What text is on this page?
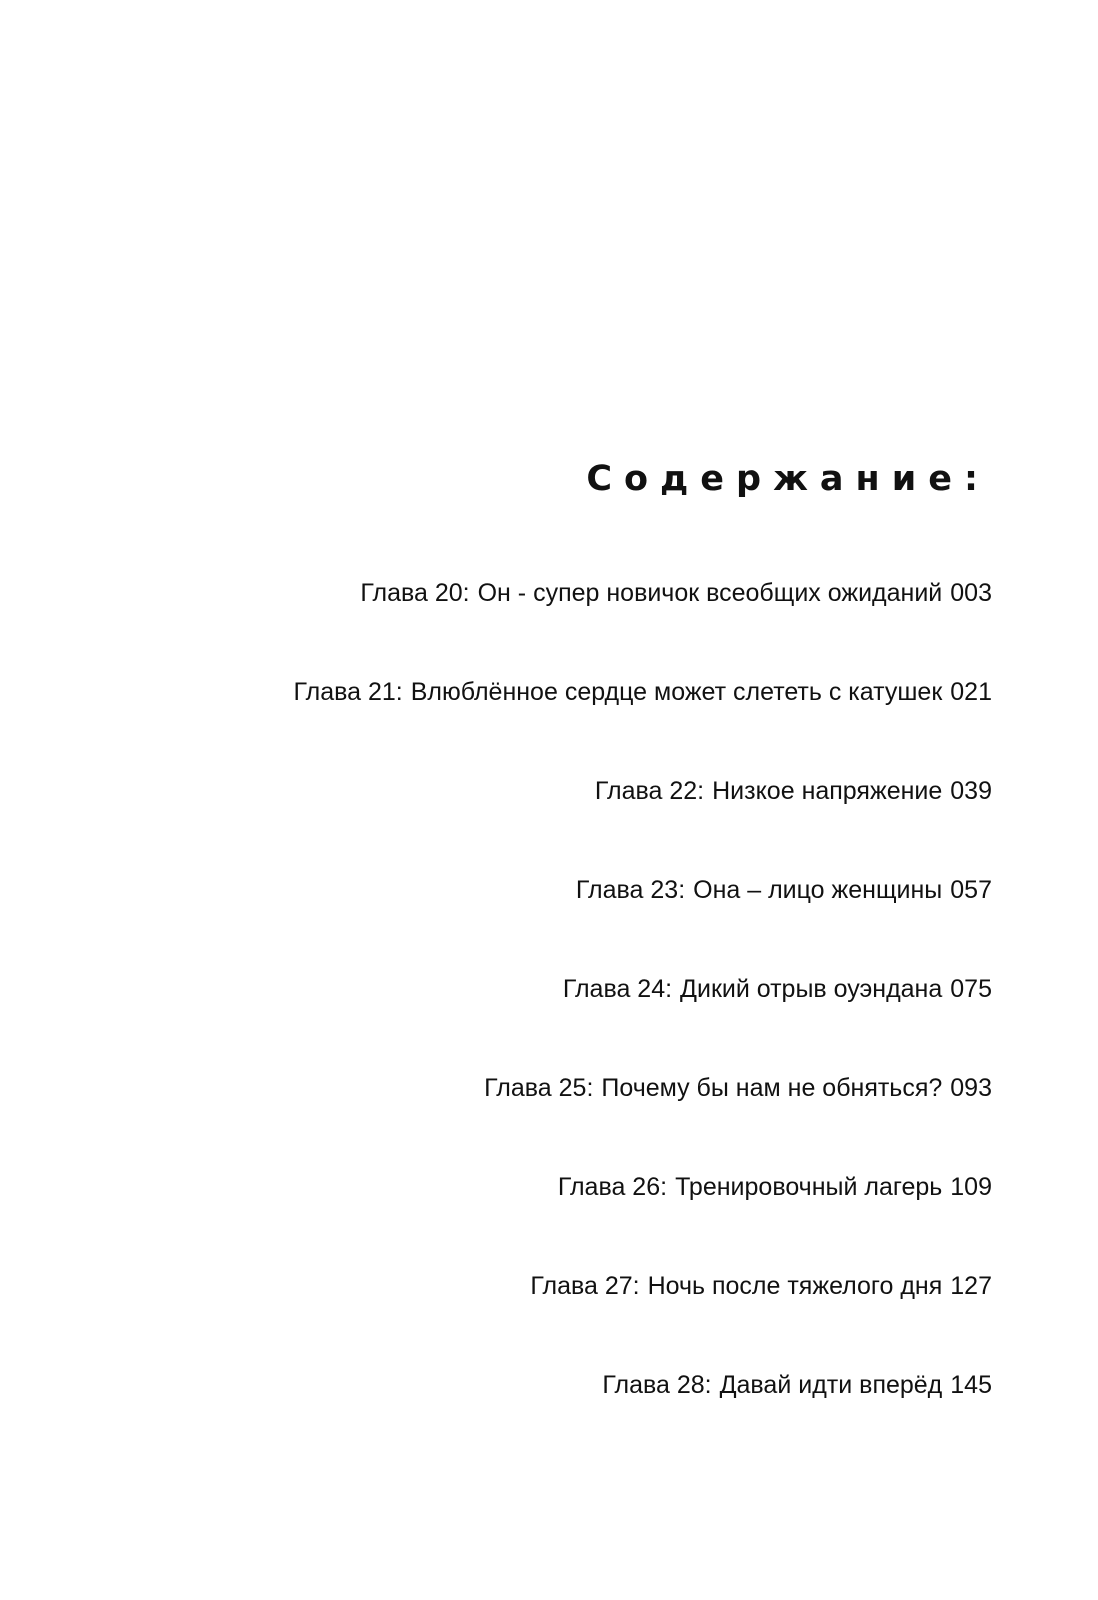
Содержание:
Глава 20: Он - супер новичок всеобщих ожиданий 003
Глава 21: Влюблённое сердце может слететь с катушек 021
Глава 22: Низкое напряжение 039
Глава 23: Она – лицо женщины 057
Глава 24: Дикий отрыв оуэндана 075
Глава 25: Почему бы нам не обняться? 093
Глава 26: Тренировочный лагерь 109
Глава 27: Ночь после тяжелого дня 127
Глава 28: Давай идти вперёд 145
